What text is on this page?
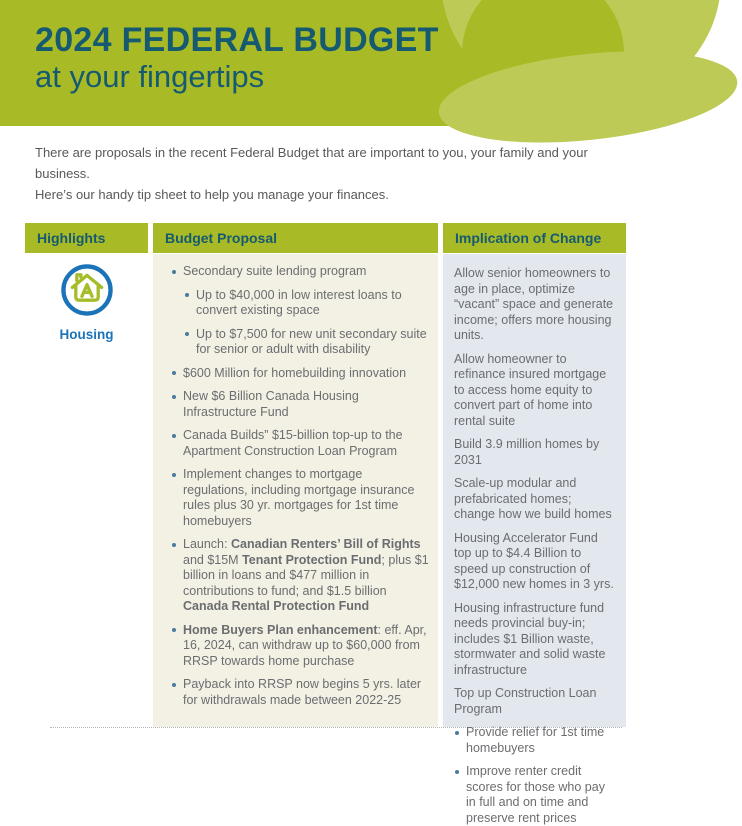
2024 FEDERAL BUDGET
at your fingertips

There are proposals in the recent Federal Budget that are important to you, your family and your business.

Here’s our handy tip sheet to help you manage your finances.

Highlights	Budget Proposal	Implication of Change
Housing
Secondary suite lending program
Up to $40,000 in low interest loans to convert existing space
Up to $7,500 for new unit secondary suite for senior or adult with disability
$600 Million for homebuilding innovation
New $6 Billion Canada Housing Infrastructure Fund
Canada Builds” $15-billion top-up to the Apartment Construction Loan Program
Implement changes to mortgage regulations, including mortgage insurance rules plus 30 yr. mortgages for 1st time homebuyers
Launch: Canadian Renters’ Bill of Rights and $15M Tenant Protection Fund; plus $1 billion in loans and $477 million in contributions to fund; and $1.5 billion Canada Rental Protection Fund
Home Buyers Plan enhancement: eff. Apr, 16, 2024, can withdraw up to $60,000 from RRSP towards home purchase
Payback into RRSP now begins 5 yrs. later for withdrawals made between 2022-25

Allow senior homeowners to age in place, optimize “vacant” space and generate income; offers more housing units.

Allow homeowner to refinance insured mortgage to access home equity to convert part of home into rental suite

Build 3.9 million homes by 2031

Scale-up modular and prefabricated homes; change how we build homes

Housing Accelerator Fund top up to $4.4 Billion to speed up construction of $12,000 new homes in 3 yrs.

Housing infrastructure fund needs provincial buy-in; includes $1 Billion waste, stormwater and solid waste infrastructure

Top up Construction Loan Program

Provide relief for 1st time homebuyers
Improve renter credit scores for those who pay in full and on time and preserve rent prices
